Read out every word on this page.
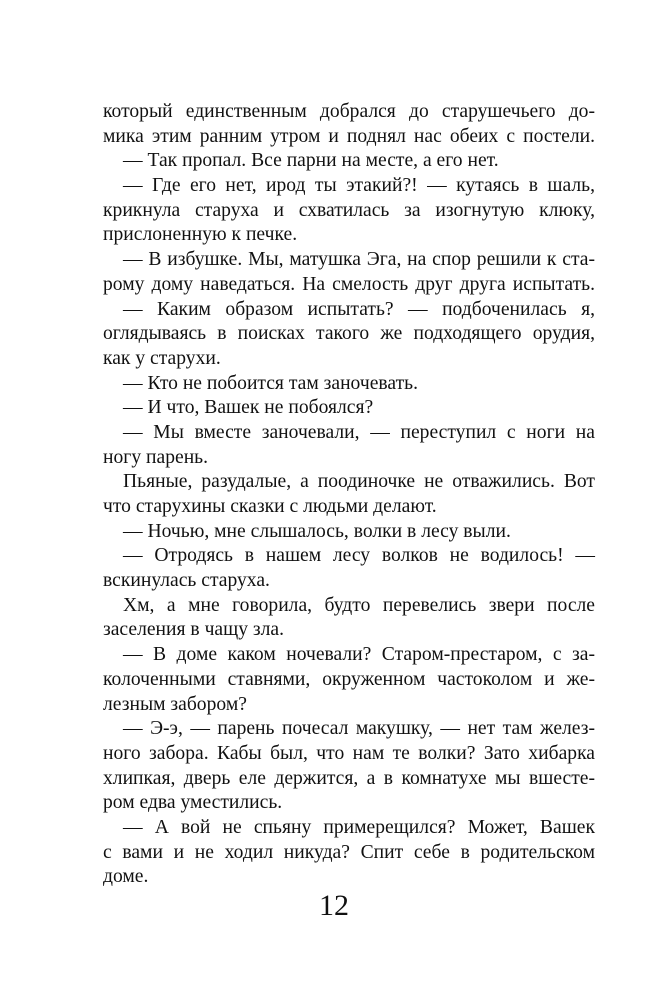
который единственным добрался до старушечьего до-
мика этим ранним утром и поднял нас обеих с постели.
— Так пропал. Все парни на месте, а его нет.
— Где его нет, ирод ты этакий?! — кутаясь в шаль,
крикнула старуха и схватилась за изогнутую клюку,
прислоненную к печке.
— В избушке. Мы, матушка Эга, на спор решили к ста-
рому дому наведаться. На смелость друг друга испытать.
— Каким образом испытать? — подбоченилась я,
оглядываясь в поисках такого же подходящего орудия,
как у старухи.
— Кто не побоится там заночевать.
— И что, Вашек не побоялся?
— Мы вместе заночевали, — переступил с ноги на
ногу парень.
Пьяные, разудалые, а поодиночке не отважились. Вот
что старухины сказки с людьми делают.
— Ночью, мне слышалось, волки в лесу выли.
— Отродясь в нашем лесу волков не водилось! —
вскинулась старуха.
Хм, а мне говорила, будто перевелись звери после
заселения в чащу зла.
— В доме каком ночевали? Старом-престаром, с за-
колоченными ставнями, окруженном частоколом и же-
лезным забором?
— Э-э, — парень почесал макушку, — нет там желез-
ного забора. Кабы был, что нам те волки? Зато хибарка
хлипкая, дверь еле держится, а в комнатухе мы вшесте-
ром едва уместились.
— А вой не спьяну примерещился? Может, Вашек
с вами и не ходил никуда? Спит себе в родительском
доме.
12
